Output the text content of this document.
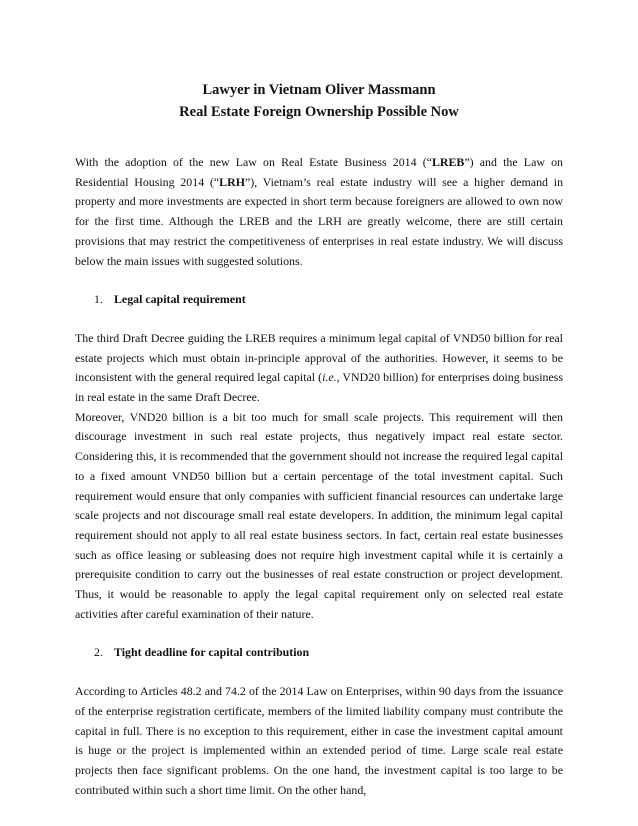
Lawyer in Vietnam Oliver Massmann
Real Estate Foreign Ownership Possible Now

With the adoption of the new Law on Real Estate Business 2014 (“LREB”) and the Law on Residential Housing 2014 (“LRH”), Vietnam’s real estate industry will see a higher demand in property and more investments are expected in short term because foreigners are allowed to own now for the first time. Although the LREB and the LRH are greatly welcome, there are still certain provisions that may restrict the competitiveness of enterprises in real estate industry. We will discuss below the main issues with suggested solutions.

1. Legal capital requirement

The third Draft Decree guiding the LREB requires a minimum legal capital of VND50 billion for real estate projects which must obtain in-principle approval of the authorities. However, it seems to be inconsistent with the general required legal capital (i.e., VND20 billion) for enterprises doing business in real estate in the same Draft Decree.

Moreover, VND20 billion is a bit too much for small scale projects. This requirement will then discourage investment in such real estate projects, thus negatively impact real estate sector. Considering this, it is recommended that the government should not increase the required legal capital to a fixed amount VND50 billion but a certain percentage of the total investment capital. Such requirement would ensure that only companies with sufficient financial resources can undertake large scale projects and not discourage small real estate developers. In addition, the minimum legal capital requirement should not apply to all real estate business sectors. In fact, certain real estate businesses such as office leasing or subleasing does not require high investment capital while it is certainly a prerequisite condition to carry out the businesses of real estate construction or project development. Thus, it would be reasonable to apply the legal capital requirement only on selected real estate activities after careful examination of their nature.

2. Tight deadline for capital contribution

According to Articles 48.2 and 74.2 of the 2014 Law on Enterprises, within 90 days from the issuance of the enterprise registration certificate, members of the limited liability company must contribute the capital in full. There is no exception to this requirement, either in case the investment capital amount is huge or the project is implemented within an extended period of time. Large scale real estate projects then face significant problems. On the one hand, the investment capital is too large to be contributed within such a short time limit. On the other hand,
